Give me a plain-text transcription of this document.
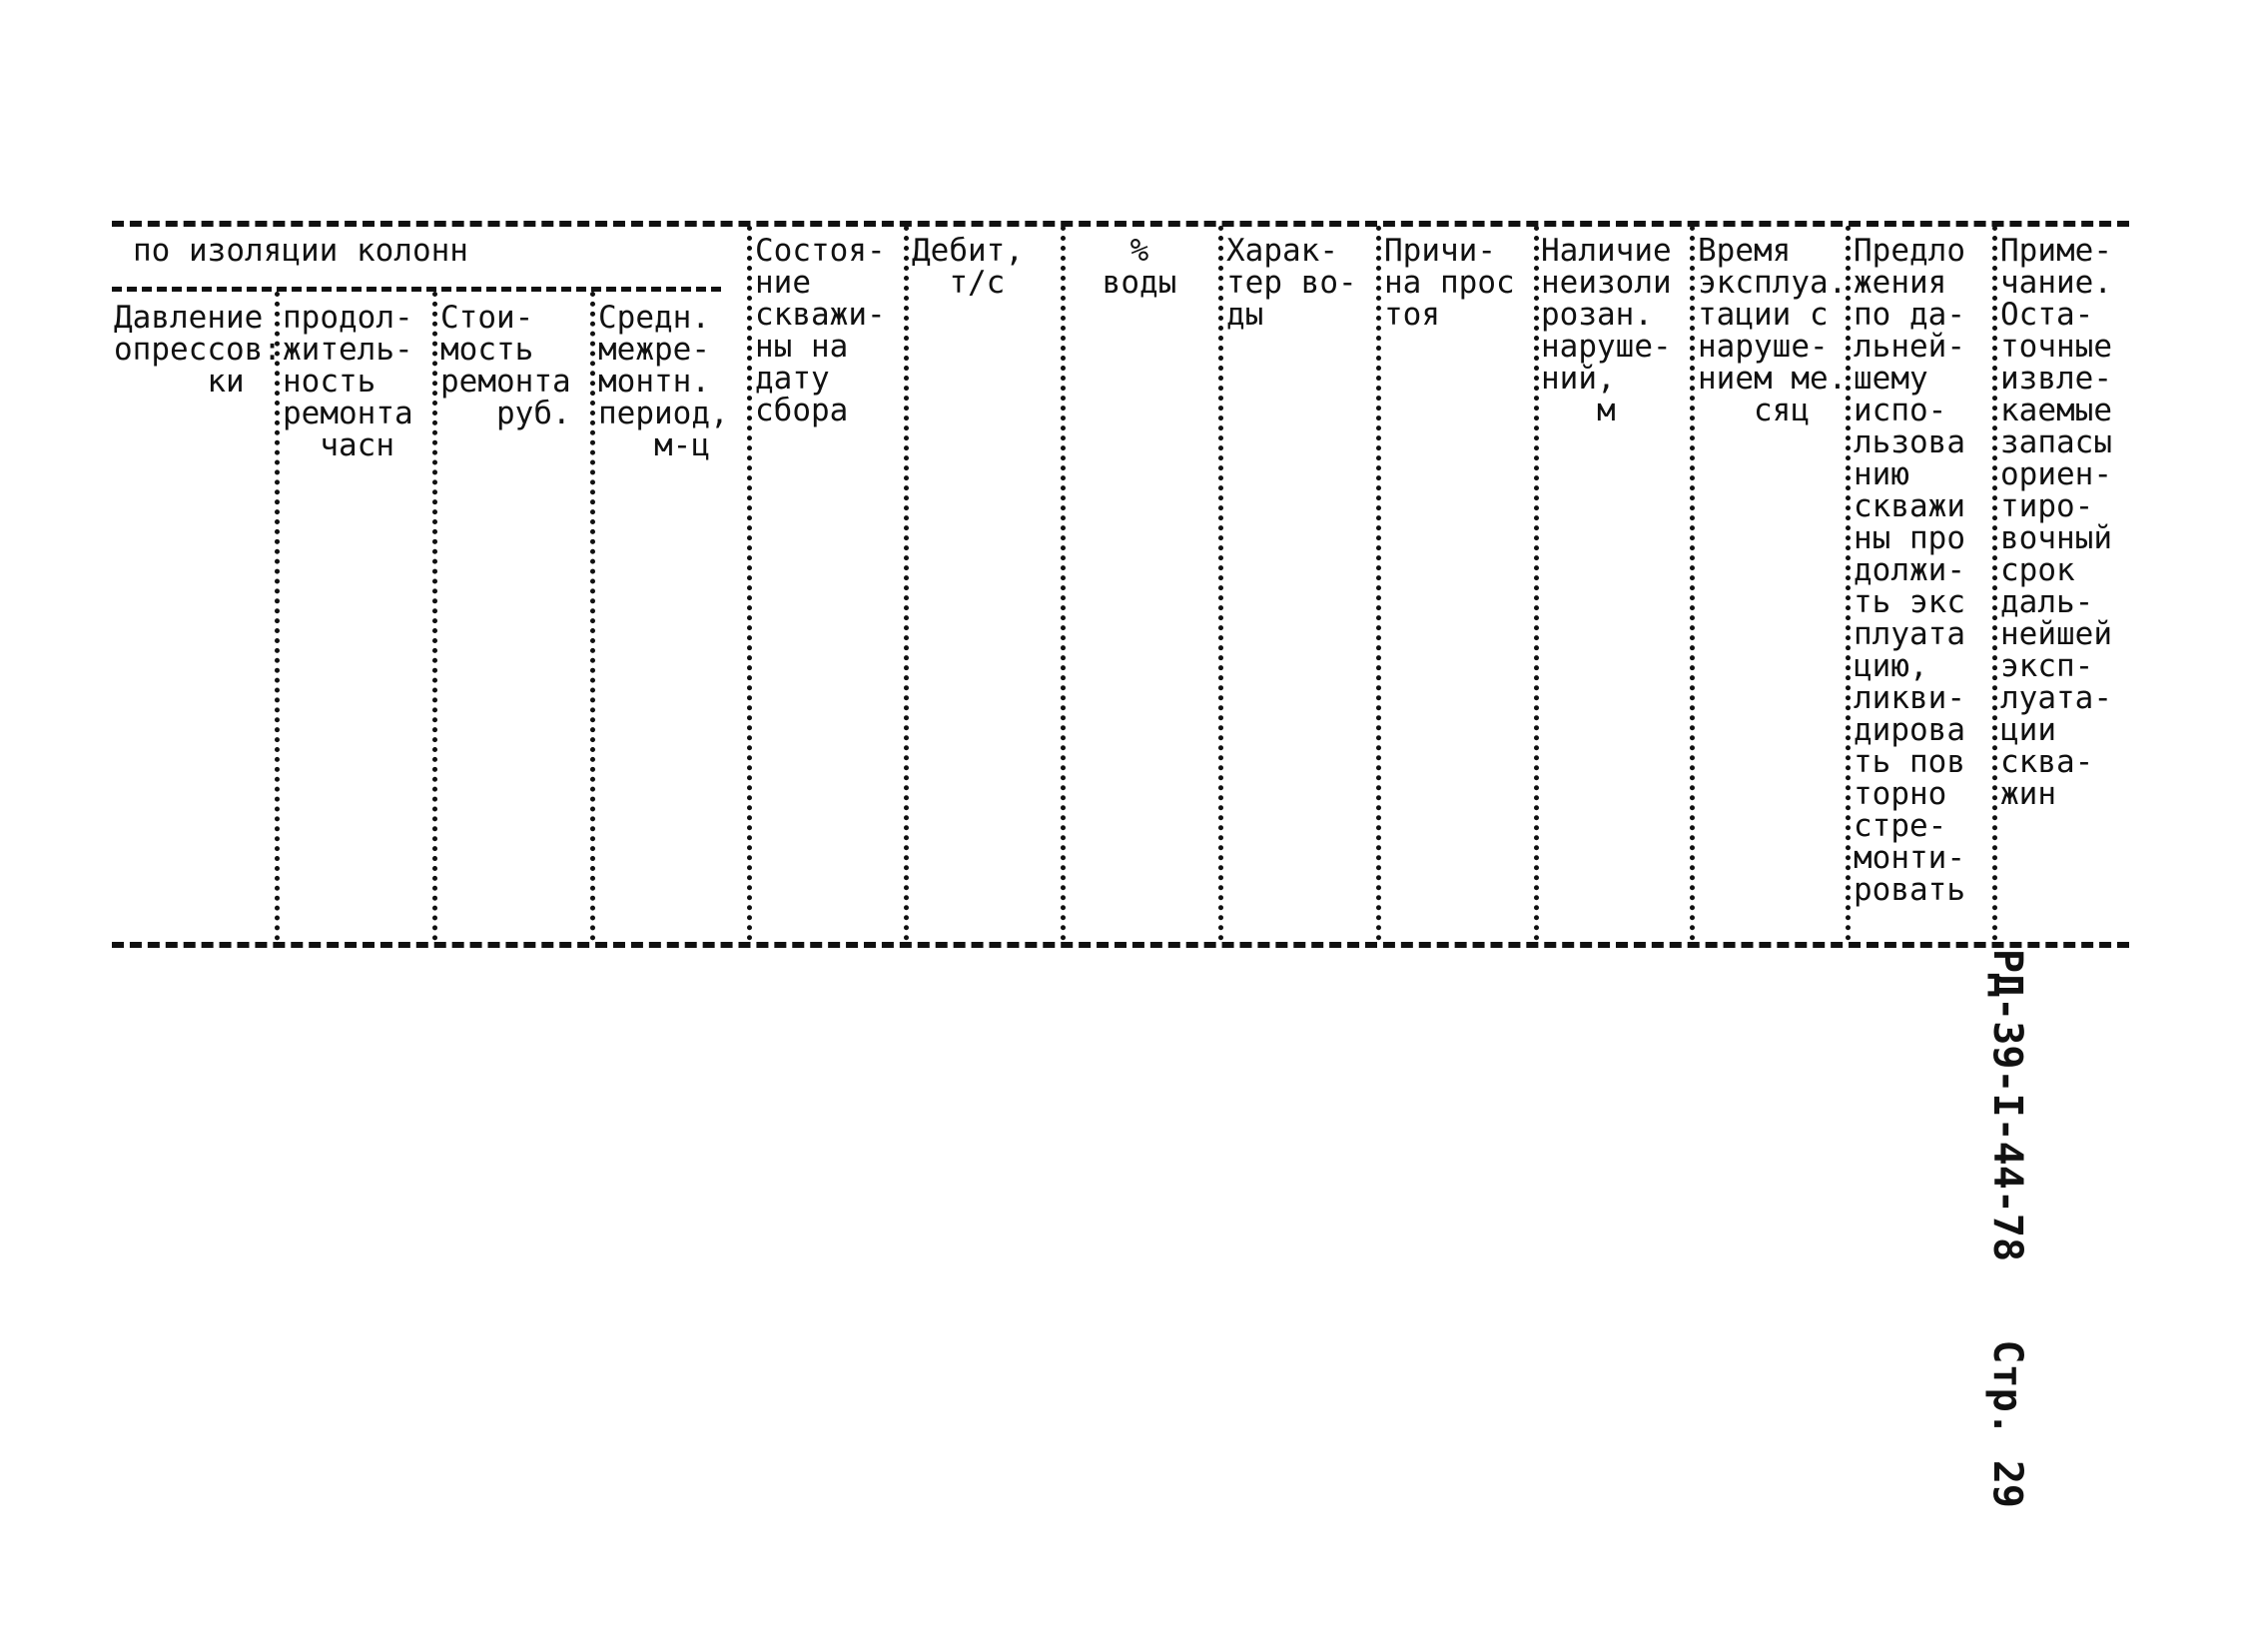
по изоляции колонн
Давление
опрессов:
ки
продол-
житель-
ность
ремонта
часн
Стои-
мость
ремонта
руб.
Средн.
межре-
монтн.
период,
м-ц
Состоя-
ние
скважи-
ны на
дату
сбора
Дебит,
т/с
%
воды
Харак-
тер во-
ды
Причи-
на прос
тоя
Наличие
неизоли
розан.
наруше-
ний,
м
Время
эксплуа.
тации с
наруше-
нием ме.
сяц
Предло
жения
по да-
льней-
шему
испо-
льзова
нию
скважи
ны про
должи-
ть экс
плуата
цию,
ликви-
дирова
ть пов
торно
стре-
монти-
ровать
Приме-
чание.
Оста-
точные
извле-
каемые
запасы
ориен-
тиро-
вочный
срок
даль-
нейшей
эксп-
луата-
ции
сква-
жин
РД-39-I-44-78
Стр. 29
